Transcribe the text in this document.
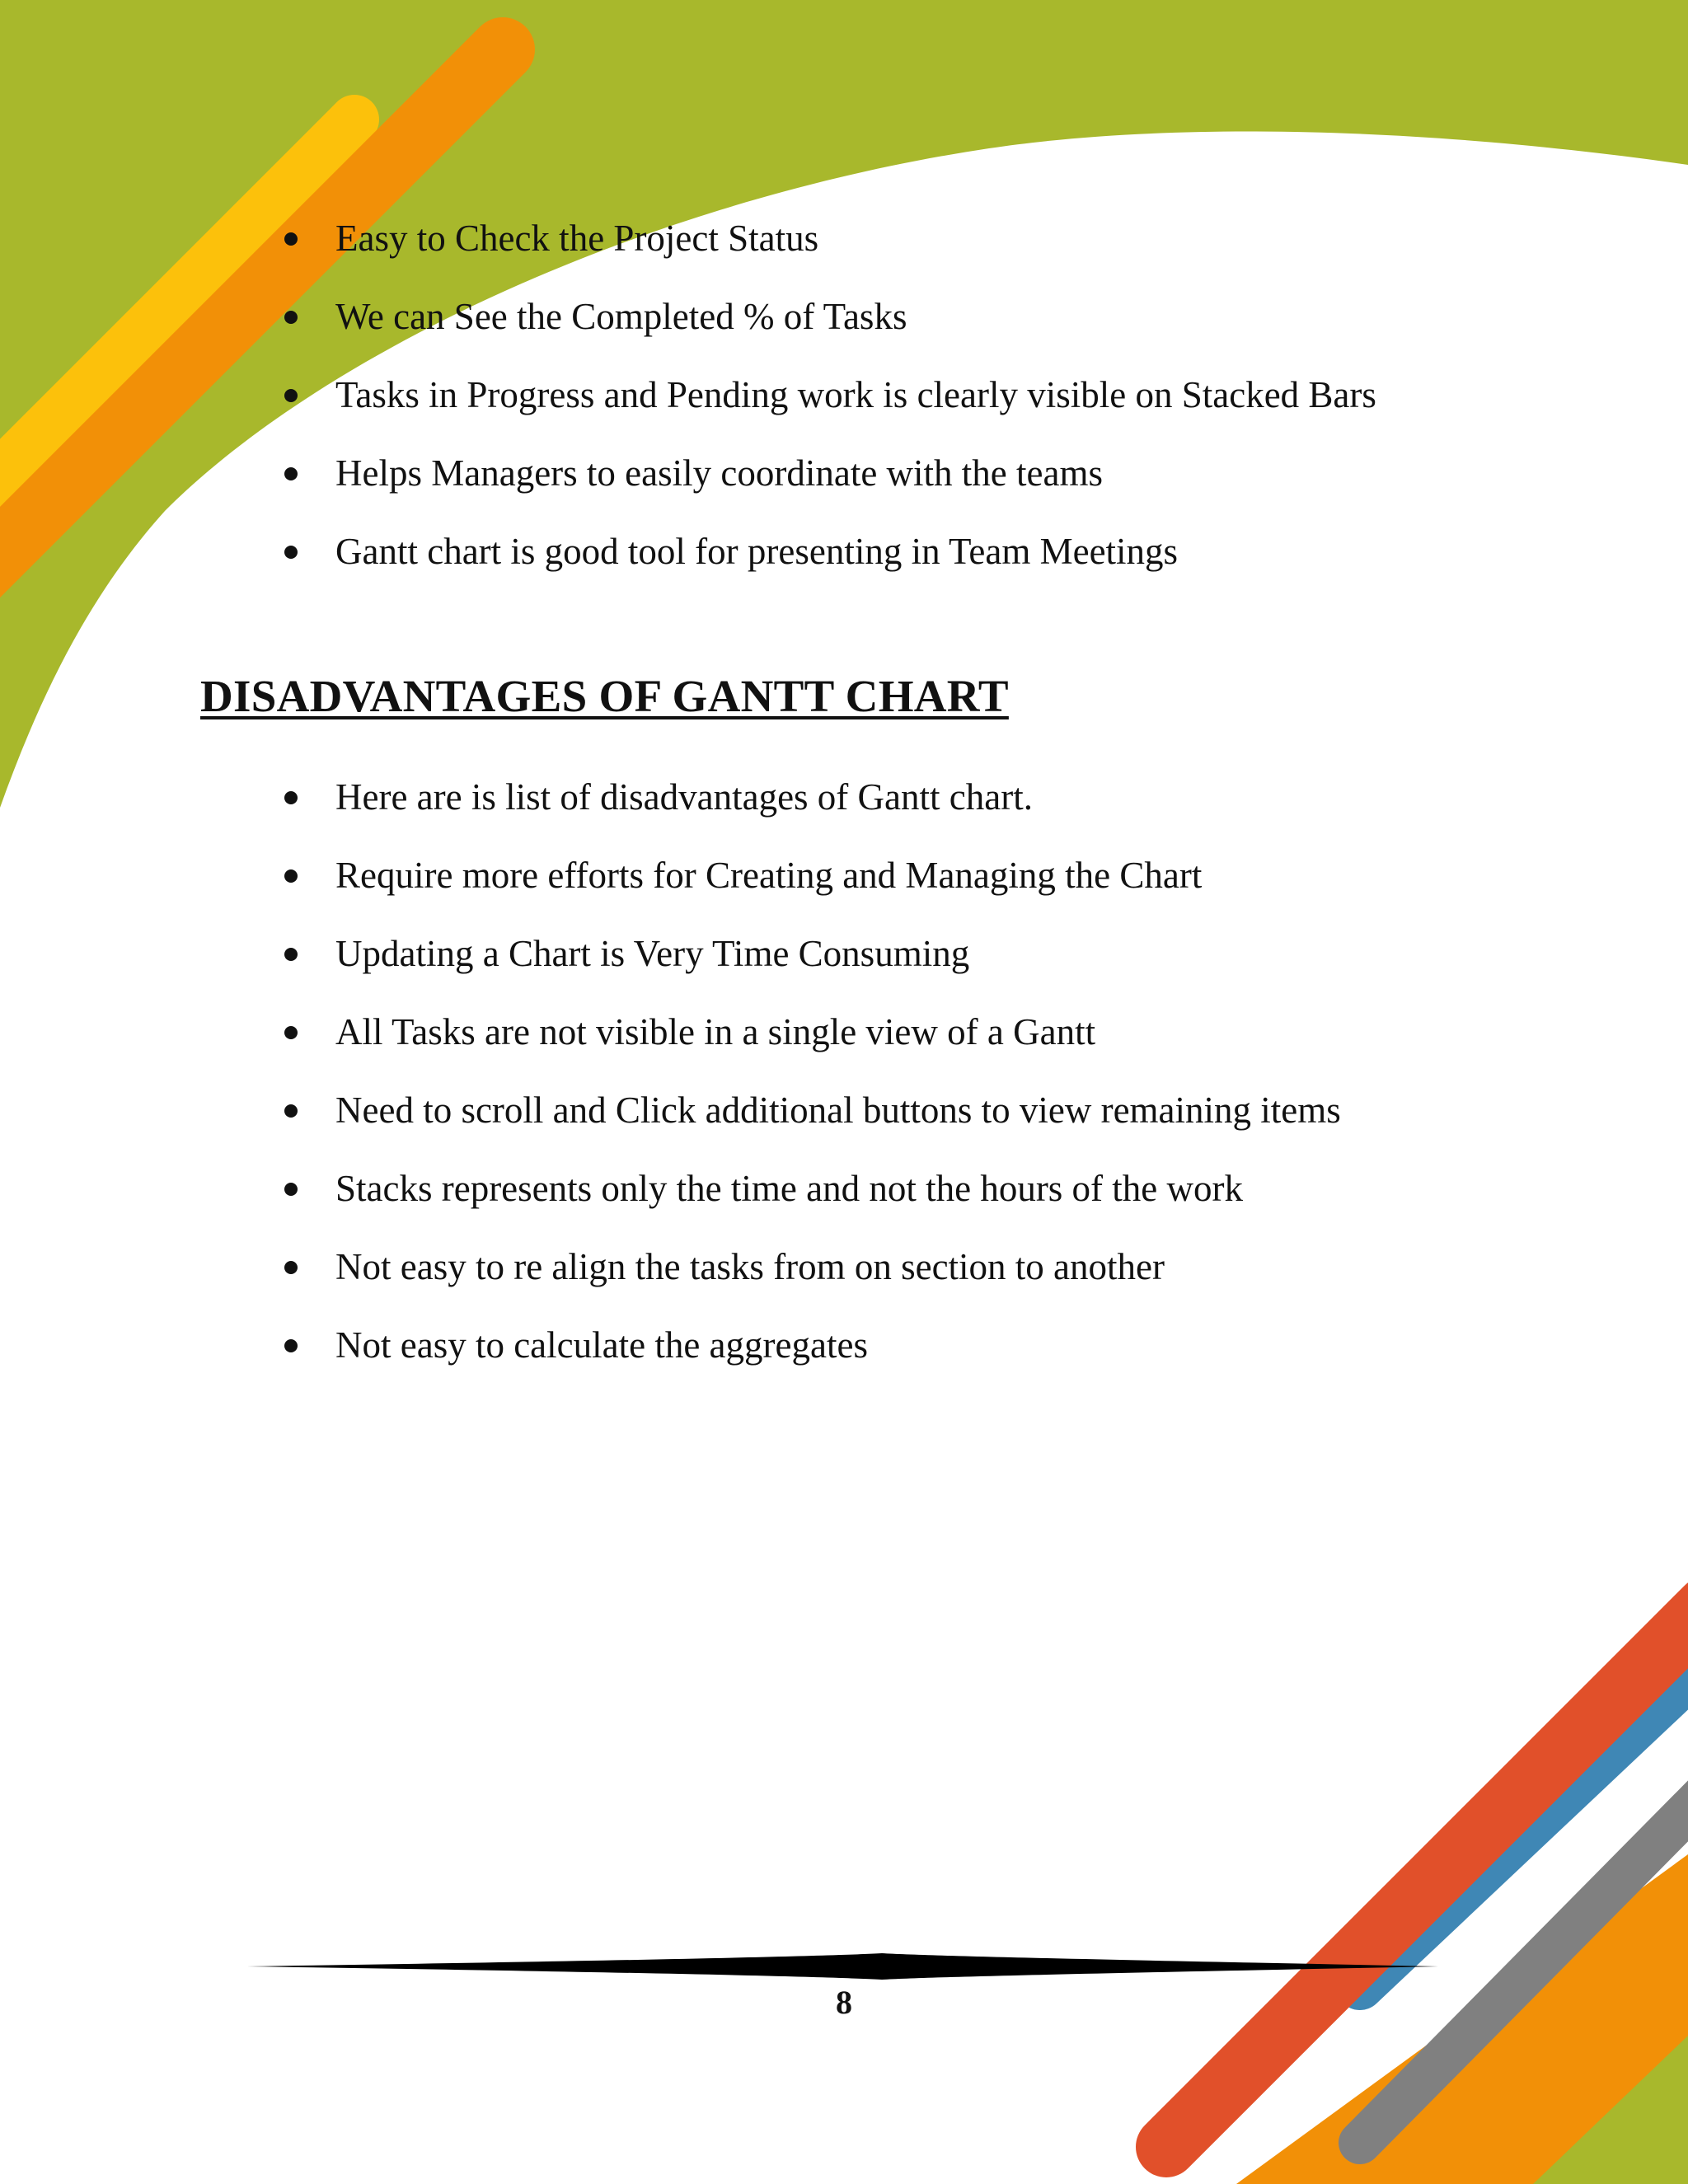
Easy to Check the Project Status
We can See the Completed % of Tasks
Tasks in Progress and Pending work is clearly visible on Stacked Bars
Helps Managers to easily coordinate with the teams
Gantt chart is good tool for presenting in Team Meetings
DISADVANTAGES OF GANTT CHART
Here are is list of disadvantages of Gantt chart.
Require more efforts for Creating and Managing the Chart
Updating a Chart is Very Time Consuming
All Tasks are not visible in a single view of a Gantt
Need to scroll and Click additional buttons to view remaining items
Stacks represents only the time and not the hours of the work
Not easy to re align the tasks from on section to another
Not easy to calculate the aggregates
8
